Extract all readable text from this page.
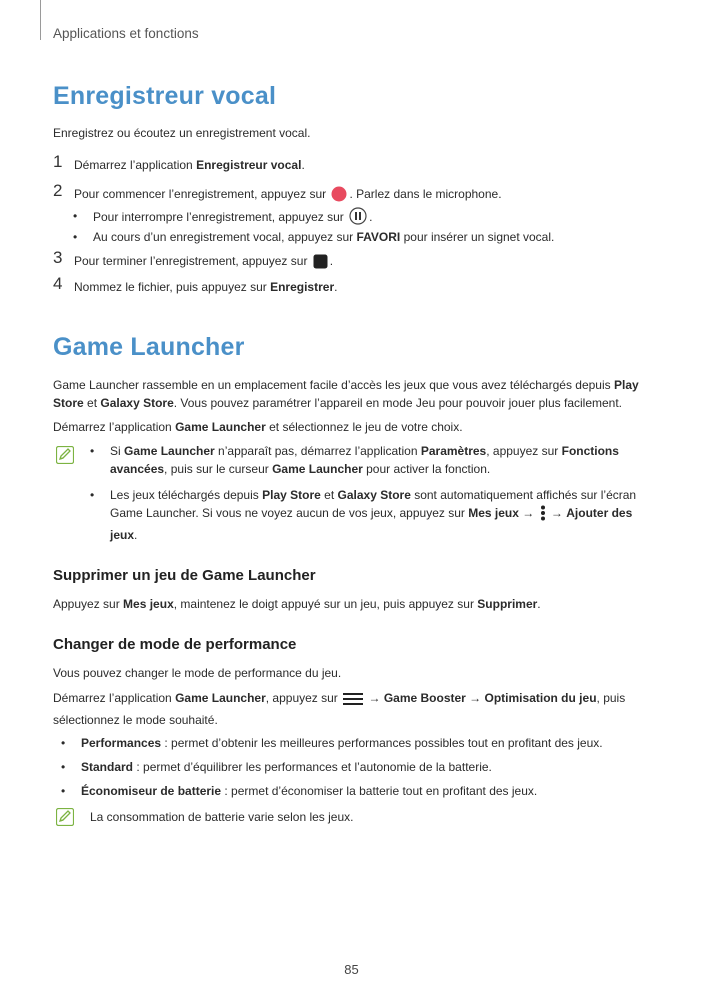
Applications et fonctions
Enregistreur vocal
Enregistrez ou écoutez un enregistrement vocal.
1 Démarrez l’application Enregistreur vocal.
2 Pour commencer l’enregistrement, appuyez sur . Parlez dans le microphone.
• Pour interrompre l’enregistrement, appuyez sur .
• Au cours d’un enregistrement vocal, appuyez sur FAVORI pour insérer un signet vocal.
3 Pour terminer l’enregistrement, appuyez sur .
4 Nommez le fichier, puis appuyez sur Enregistrer.
Game Launcher
Game Launcher rassemble en un emplacement facile d’accès les jeux que vous avez téléchargés depuis Play
Store et Galaxy Store. Vous pouvez paramétrer l’appareil en mode Jeu pour pouvoir jouer plus facilement.
Démarrez l’application Game Launcher et sélectionnez le jeu de votre choix.
• Si Game Launcher n’apparaît pas, démarrez l’application Paramètres, appuyez sur Fonctions
avancées, puis sur le curseur Game Launcher pour activer la fonction.
• Les jeux téléchargés depuis Play Store et Galaxy Store sont automatiquement affichés sur l’écran
Game Launcher. Si vous ne voyez aucun de vos jeux, appuyez sur Mes jeux →  → Ajouter des
jeux.
Supprimer un jeu de Game Launcher
Appuyez sur Mes jeux, maintenez le doigt appuyé sur un jeu, puis appuyez sur Supprimer.
Changer de mode de performance
Vous pouvez changer le mode de performance du jeu.
Démarrez l’application Game Launcher, appuyez sur  → Game Booster → Optimisation du jeu, puis
sélectionnez le mode souhaité.
• Performances : permet d’obtenir les meilleures performances possibles tout en profitant des jeux.
• Standard : permet d’équilibrer les performances et l’autonomie de la batterie.
• Économiseur de batterie : permet d’économiser la batterie tout en profitant des jeux.
La consommation de batterie varie selon les jeux.
85
